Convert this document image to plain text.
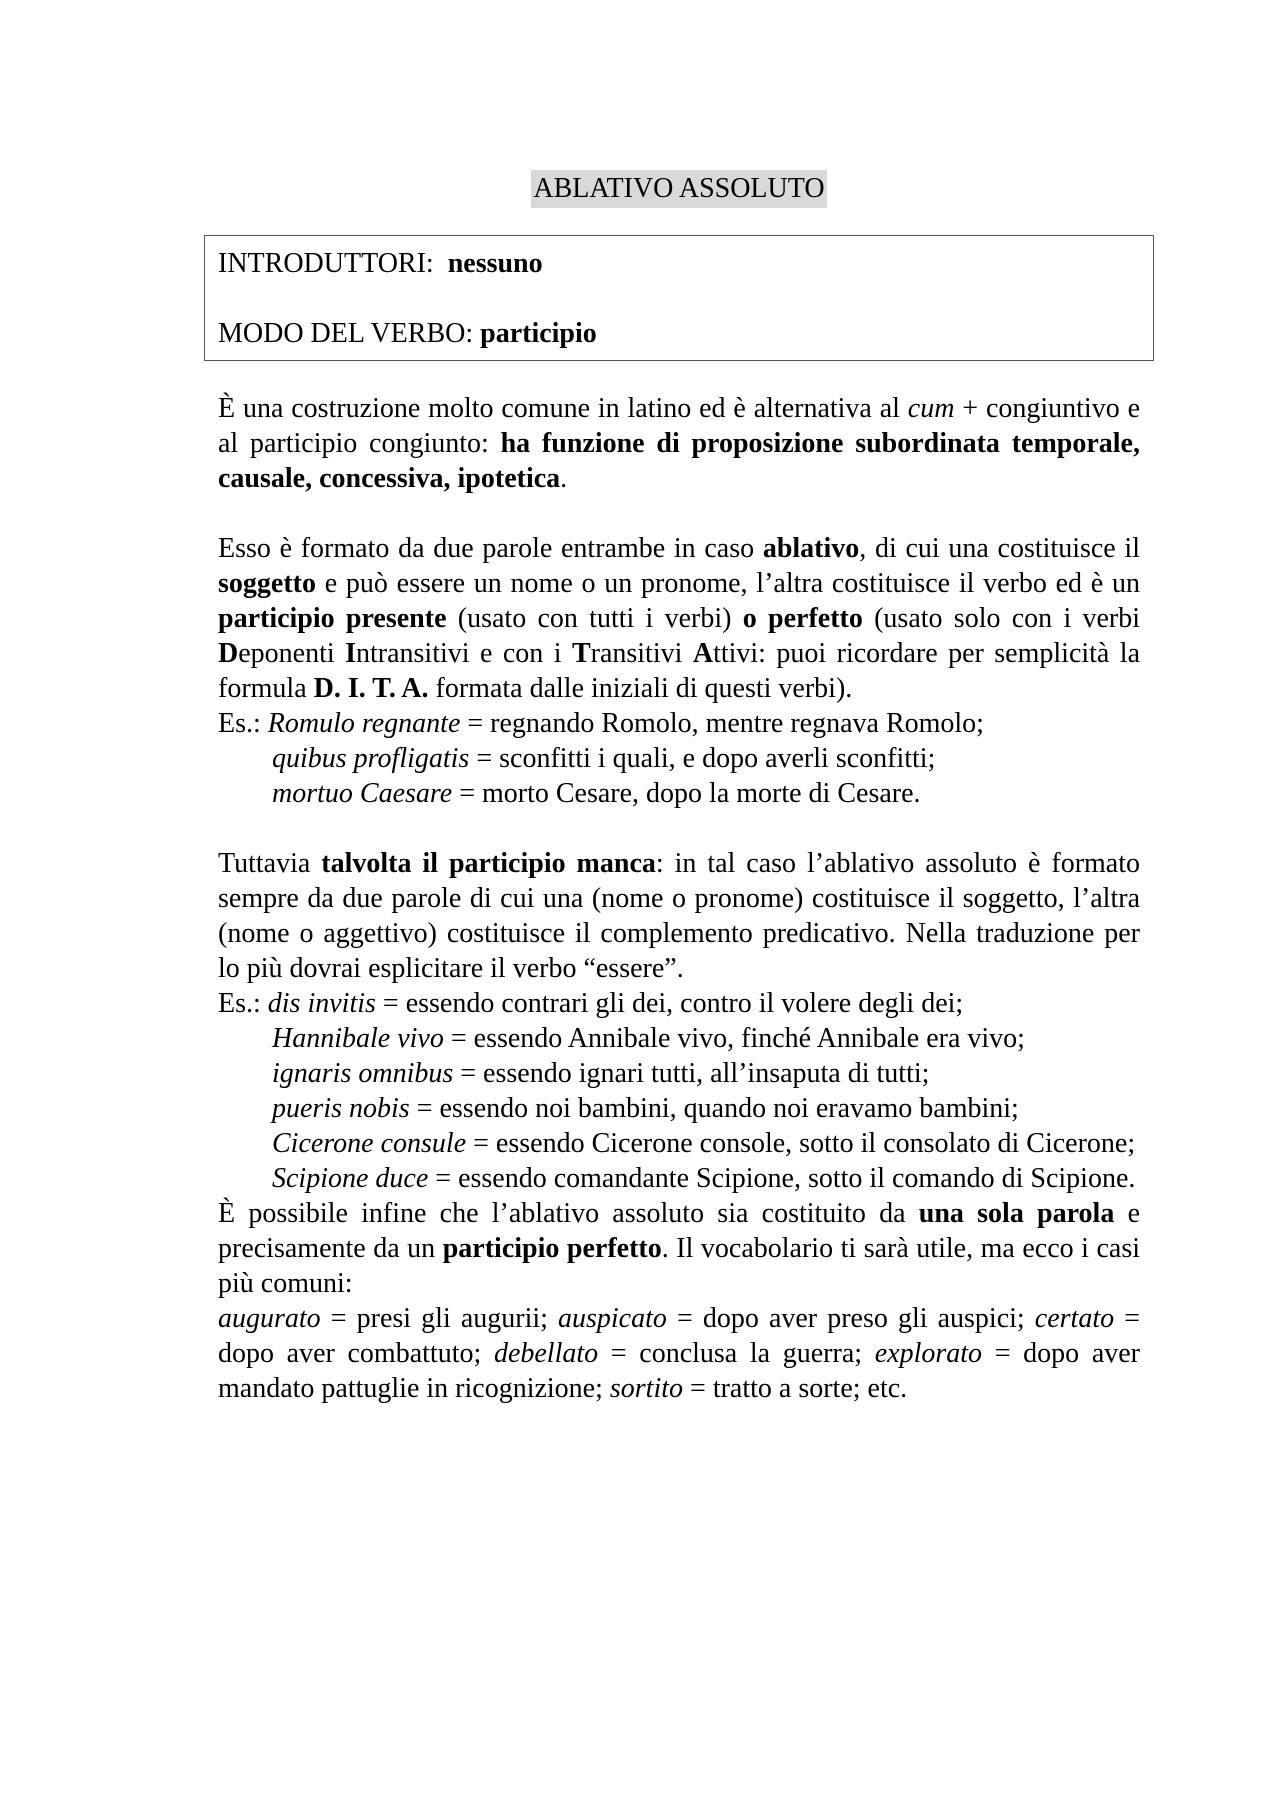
ABLATIVO ASSOLUTO

INTRODUTTORI: nessuno

MODO DEL VERBO: participio

È una costruzione molto comune in latino ed è alternativa al cum + congiuntivo e al participio congiunto: ha funzione di proposizione subordinata temporale, causale, concessiva, ipotetica.

Esso è formato da due parole entrambe in caso ablativo, di cui una costituisce il soggetto e può essere un nome o un pronome, l’altra costituisce il verbo ed è un participio presente (usato con tutti i verbi) o perfetto (usato solo con i verbi Deponenti Intransitivi e con i Transitivi Attivi: puoi ricordare per semplicità la formula D. I. T. A. formata dalle iniziali di questi verbi).

Es.: Romulo regnante = regnando Romolo, mentre regnava Romolo;
quibus profligatis = sconfitti i quali, e dopo averli sconfitti;
mortuo Caesare = morto Cesare, dopo la morte di Cesare.

Tuttavia talvolta il participio manca: in tal caso l’ablativo assoluto è formato sempre da due parole di cui una (nome o pronome) costituisce il soggetto, l’altra (nome o aggettivo) costituisce il complemento predicativo. Nella traduzione per lo più dovrai esplicitare il verbo “essere”.

Es.: dis invitis = essendo contrari gli dei, contro il volere degli dei;
Hannibale vivo = essendo Annibale vivo, finché Annibale era vivo;
ignaris omnibus = essendo ignari tutti, all’insaputa di tutti;
pueris nobis = essendo noi bambini, quando noi eravamo bambini;
Cicerone consule = essendo Cicerone console, sotto il consolato di Cicerone;
Scipione duce = essendo comandante Scipione, sotto il comando di Scipione.

È possibile infine che l’ablativo assoluto sia costituito da una sola parola e precisamente da un participio perfetto. Il vocabolario ti sarà utile, ma ecco i casi più comuni:

augurato = presi gli augurii; auspicato = dopo aver preso gli auspici; certato = dopo aver combattuto; debellato = conclusa la guerra; explorato = dopo aver mandato pattuglie in ricognizione; sortito = tratto a sorte; etc.
